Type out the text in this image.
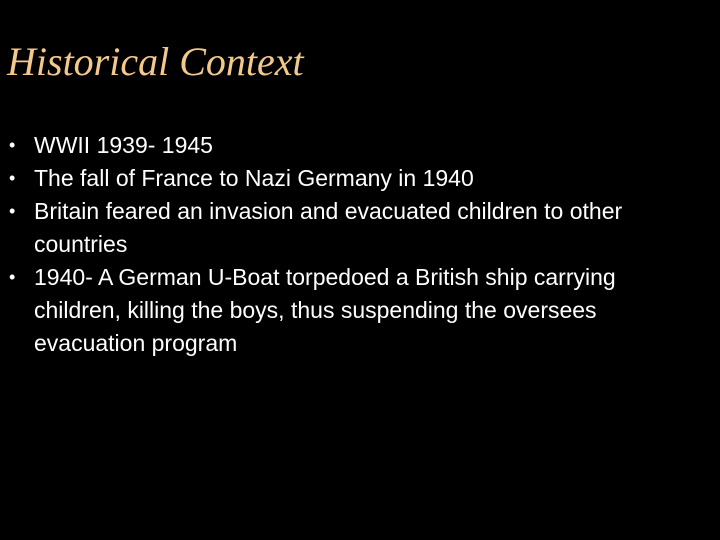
Historical Context
• WWII 1939- 1945
• The fall of France to Nazi Germany in 1940
• Britain feared an invasion and evacuated children to other countries
• 1940- A German U-Boat torpedoed a British ship carrying children, killing the boys, thus suspending the oversees evacuation program
